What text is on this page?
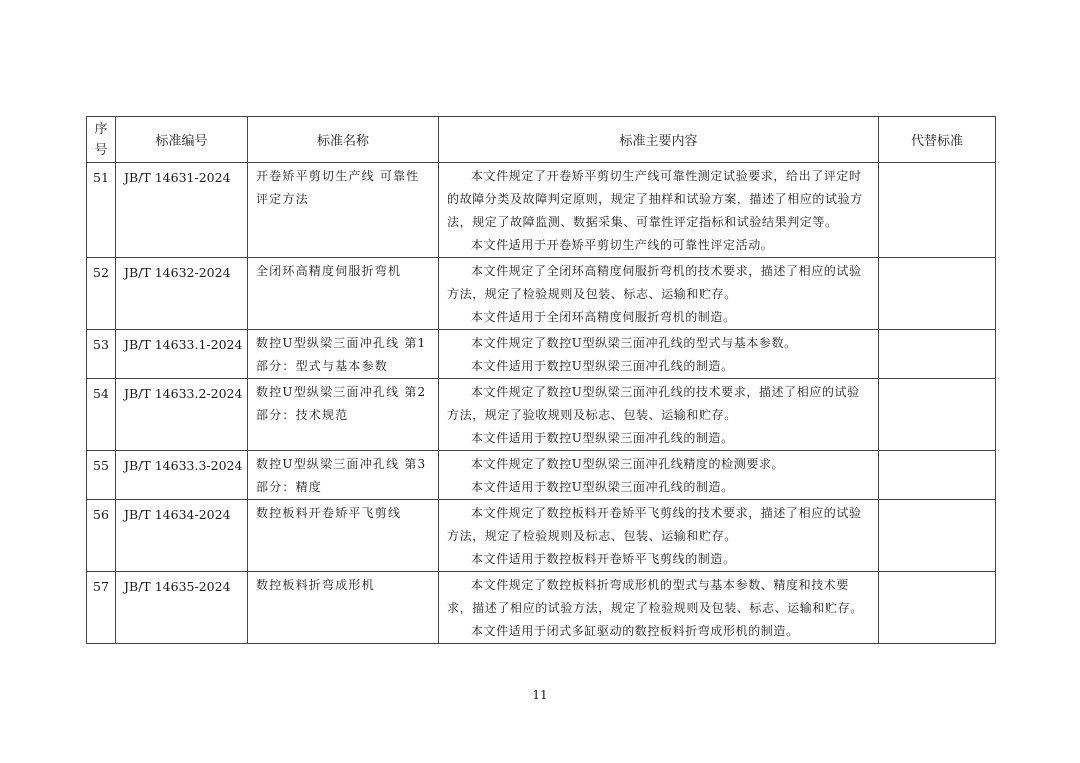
序
号	标准编号	标准名称	标准主要内容	代替标准
51	JB/T 14631-2024	开卷矫平剪切生产线 可靠性评定方法	本文件规定了开卷矫平剪切生产线可靠性测定试验要求，给出了评定时的故障分类及故障判定原则，规定了抽样和试验方案，描述了相应的试验方法，规定了故障监测、数据采集、可靠性评定指标和试验结果判定等。
本文件适用于开卷矫平剪切生产线的可靠性评定活动。	

52	JB/T 14632-2024	全闭环高精度伺服折弯机	本文件规定了全闭环高精度伺服折弯机的技术要求，描述了相应的试验方法，规定了检验规则及包装、标志、运输和贮存。
本文件适用于全闭环高精度伺服折弯机的制造。	

53	JB/T 14633.1-2024	数控U型纵梁三面冲孔线 第1部分：型式与基本参数	本文件规定了数控U型纵梁三面冲孔线的型式与基本参数。
本文件适用于数控U型纵梁三面冲孔线的制造。	

54	JB/T 14633.2-2024	数控U型纵梁三面冲孔线 第2部分：技术规范	本文件规定了数控U型纵梁三面冲孔线的技术要求，描述了相应的试验方法，规定了验收规则及标志、包装、运输和贮存。
本文件适用于数控U型纵梁三面冲孔线的制造。	

55	JB/T 14633.3-2024	数控U型纵梁三面冲孔线 第3部分：精度	本文件规定了数控U型纵梁三面冲孔线精度的检测要求。
本文件适用于数控U型纵梁三面冲孔线的制造。	

56	JB/T 14634-2024	数控板料开卷矫平飞剪线	本文件规定了数控板料开卷矫平飞剪线的技术要求，描述了相应的试验方法，规定了检验规则及标志、包装、运输和贮存。
本文件适用于数控板料开卷矫平飞剪线的制造。	

57	JB/T 14635-2024	数控板料折弯成形机	本文件规定了数控板料折弯成形机的型式与基本参数、精度和技术要求，描述了相应的试验方法，规定了检验规则及包装、标志、运输和贮存。
本文件适用于闭式多缸驱动的数控板料折弯成形机的制造。	

11
